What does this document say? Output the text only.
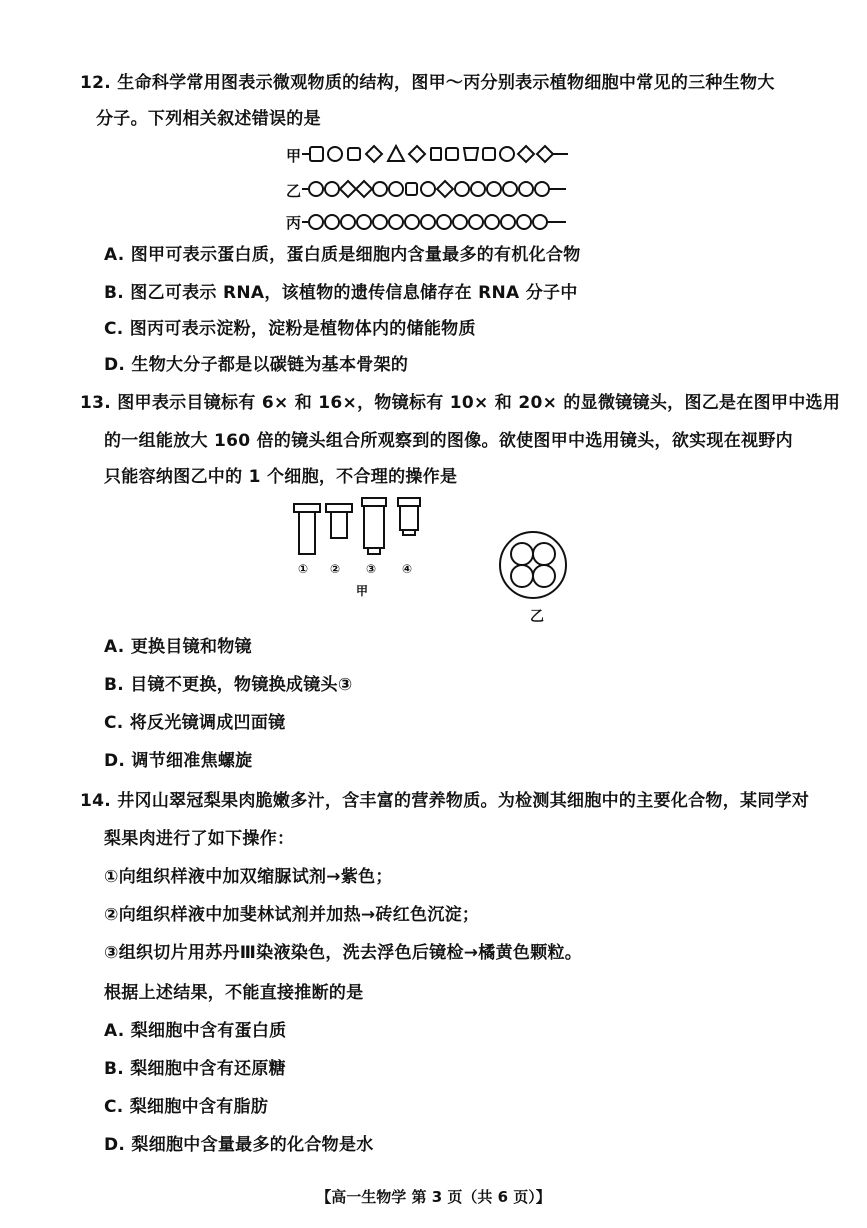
12. 生命科学常用图表示微观物质的结构，图甲～丙分别表示植物细胞中常见的三种生物大
分子。下列相关叙述错误的是
甲
乙
丙
A. 图甲可表示蛋白质，蛋白质是细胞内含量最多的有机化合物
B. 图乙可表示 RNA，该植物的遗传信息储存在 RNA 分子中
C. 图丙可表示淀粉，淀粉是植物体内的储能物质
D. 生物大分子都是以碳链为基本骨架的
13. 图甲表示目镜标有 6× 和 16×，物镜标有 10× 和 20× 的显微镜镜头，图乙是在图甲中选用
的一组能放大 160 倍的镜头组合所观察到的图像。欲使图甲中选用镜头，欲实现在视野内
只能容纳图乙中的 1 个细胞，不合理的操作是
① ② ③ ④
甲
乙
A. 更换目镜和物镜
B. 目镜不更换，物镜换成镜头③
C. 将反光镜调成凹面镜
D. 调节细准焦螺旋
14. 井冈山翠冠梨果肉脆嫩多汁，含丰富的营养物质。为检测其细胞中的主要化合物，某同学对
梨果肉进行了如下操作：
①向组织样液中加双缩脲试剂→紫色；
②向组织样液中加斐林试剂并加热→砖红色沉淀；
③组织切片用苏丹Ⅲ染液染色，洗去浮色后镜检→橘黄色颗粒。
根据上述结果，不能直接推断的是
A. 梨细胞中含有蛋白质
B. 梨细胞中含有还原糖
C. 梨细胞中含有脂肪
D. 梨细胞中含量最多的化合物是水
【高一生物学 第 3 页（共 6 页）】
